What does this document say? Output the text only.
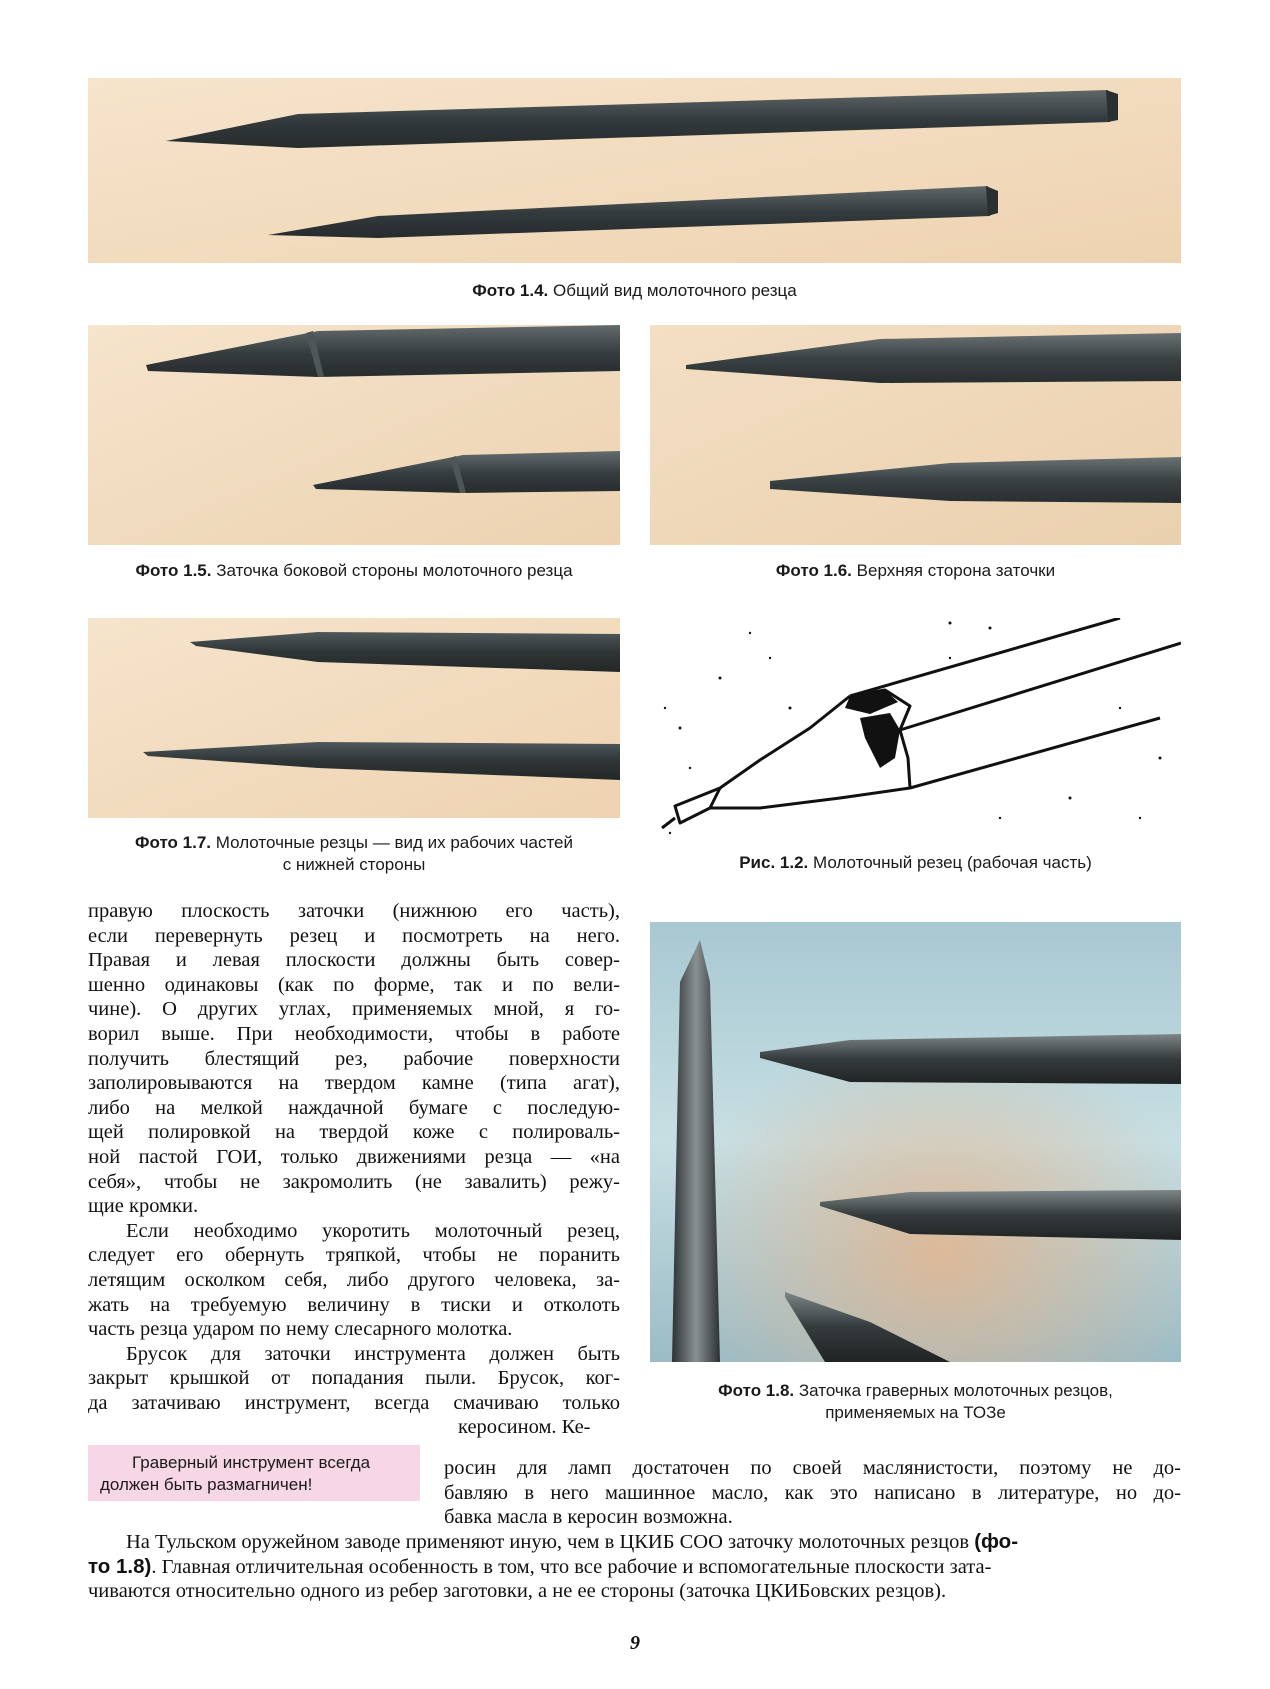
Фото 1.4. Общий вид молоточного резца
Фото 1.5. Заточка боковой стороны молоточного резца	Фото 1.6. Верхняя сторона заточки
Фото 1.7. Молоточные резцы — вид их рабочих частей
с нижней стороны	Рис. 1.2. Молоточный резец (рабочая часть)
Фото 1.8. Заточка граверных молоточных резцов,
применяемых на ТОЗе
правую плоскость заточки (нижнюю его часть),
если перевернуть резец и посмотреть на него.
Правая и левая плоскости должны быть совер-
шенно одинаковы (как по форме, так и по вели-
чине). О других углах, применяемых мной, я го-
ворил выше. При необходимости, чтобы в работе
получить блестящий рез, рабочие поверхности
заполировываются на твердом камне (типа агат),
либо на мелкой наждачной бумаге с последую-
щей полировкой на твердой коже с полироваль-
ной пастой ГОИ, только движениями резца — «на
себя», чтобы не закромолить (не завалить) режу-
щие кромки.
Если необходимо укоротить молоточный резец,
следует его обернуть тряпкой, чтобы не поранить
летящим осколком себя, либо другого человека, за-
жать на требуемую величину в тиски и отколоть
часть резца ударом по нему слесарного молотка.
Брусок для заточки инструмента должен быть
закрыт крышкой от попадания пыли. Брусок, ког-
да затачиваю инструмент, всегда смачиваю только
керосином. Ке-
Граверный инструмент всегда
должен быть размагничен!
росин для ламп достаточен по своей маслянистости, поэтому не до-
бавляю в него машинное масло, как это написано в литературе, но до-
бавка масла в керосин возможна.

На Тульском оружейном заводе применяют иную, чем в ЦКИБ СОО заточку молоточных резцов (фо-
то 1.8). Главная отличительная особенность в том, что все рабочие и вспомогательные плоскости зата-
чиваются относительно одного из ребер заготовки, а не ее стороны (заточка ЦКИБовских резцов).

9
